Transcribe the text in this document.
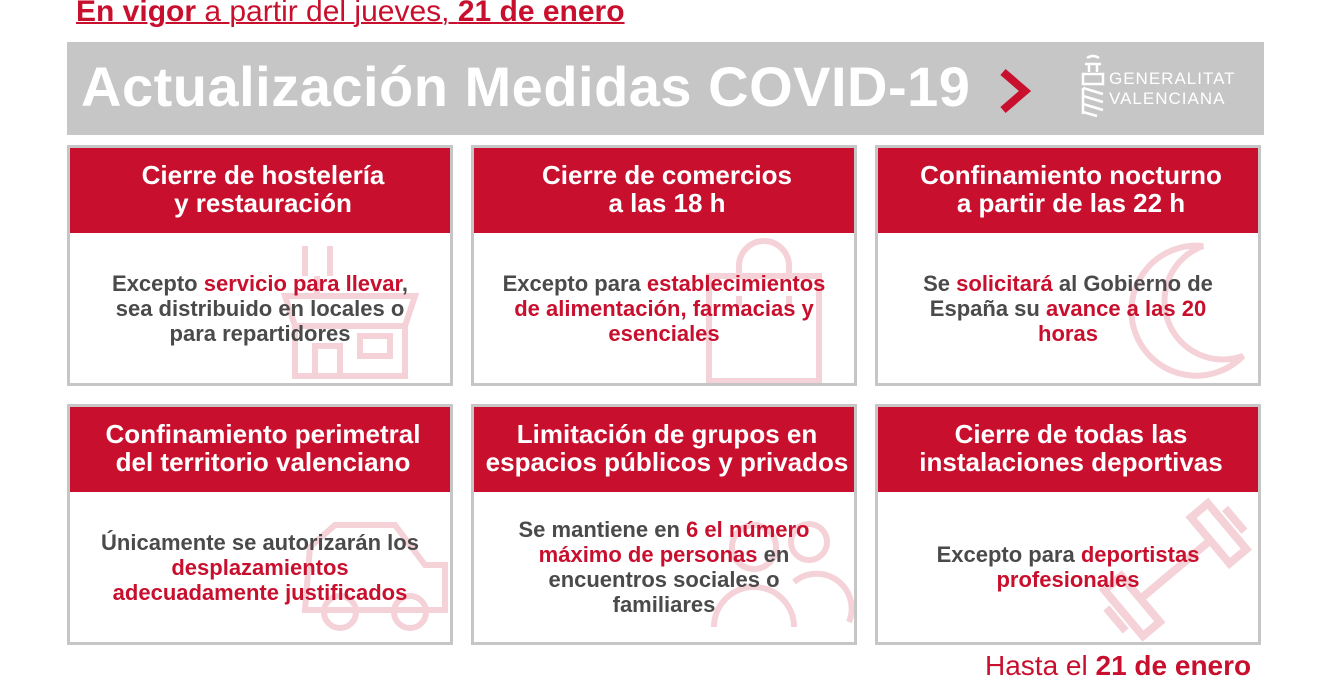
En vigor a partir del jueves, 21 de enero
Actualización Medidas COVID-19	GENERALITAT
VALENCIANA
Cierre de hostelería
y restauración
Excepto servicio para llevar, sea distribuido en locales o para repartidores
Cierre de comercios
a las 18 h
Excepto para establecimientos de alimentación, farmacias y esenciales
Confinamiento nocturno
a partir de las 22 h
Se solicitará al Gobierno de España su avance a las 20 horas
Confinamiento perimetral
del territorio valenciano
Únicamente se autorizarán los desplazamientos adecuadamente justificados
Limitación de grupos en
espacios públicos y privados
Se mantiene en 6 el número máximo de personas en encuentros sociales o familiares
Cierre de todas las
instalaciones deportivas
Excepto para deportistas profesionales
Hasta el 21 de enero
